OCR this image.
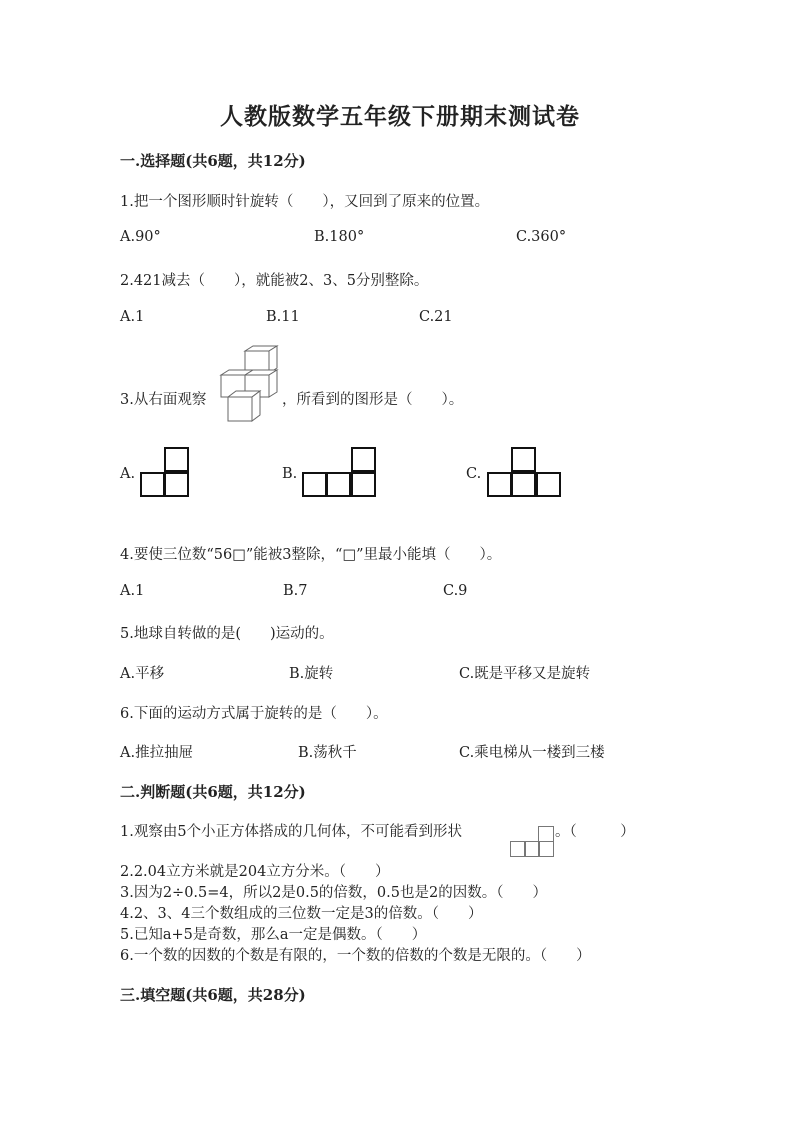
人教版数学五年级下册期末测试卷
一.选择题(共6题，共12分)
1.把一个图形顺时针旋转（　　），又回到了原来的位置。
A.90°	B.180°	C.360°
2.421减去（　　），就能被2、3、5分别整除。
A.1	B.11	C.21
3.从右面观察	，所看到的图形是（　　）。
A.	B.	C.
4.要使三位数“56□”能被3整除，“□”里最小能填（　　）。
A.1	B.7	C.9
5.地球自转做的是(　　)运动的。
A.平移	B.旋转	C.既是平移又是旋转
6.下面的运动方式属于旋转的是（　　）。
A.推拉抽屉	B.荡秋千	C.乘电梯从一楼到三楼
二.判断题(共6题，共12分)
1.观察由5个小正方体搭成的几何体，不可能看到形状	。（　　　）
2.2.04立方米就是204立方分米。（　　）
3.因为2÷0.5=4，所以2是0.5的倍数，0.5也是2的因数。（　　）
4.2、3、4三个数组成的三位数一定是3的倍数。（　　）
5.已知a+5是奇数，那么a一定是偶数。（　　）
6.一个数的因数的个数是有限的，一个数的倍数的个数是无限的。（　　）
三.填空题(共6题，共28分)
